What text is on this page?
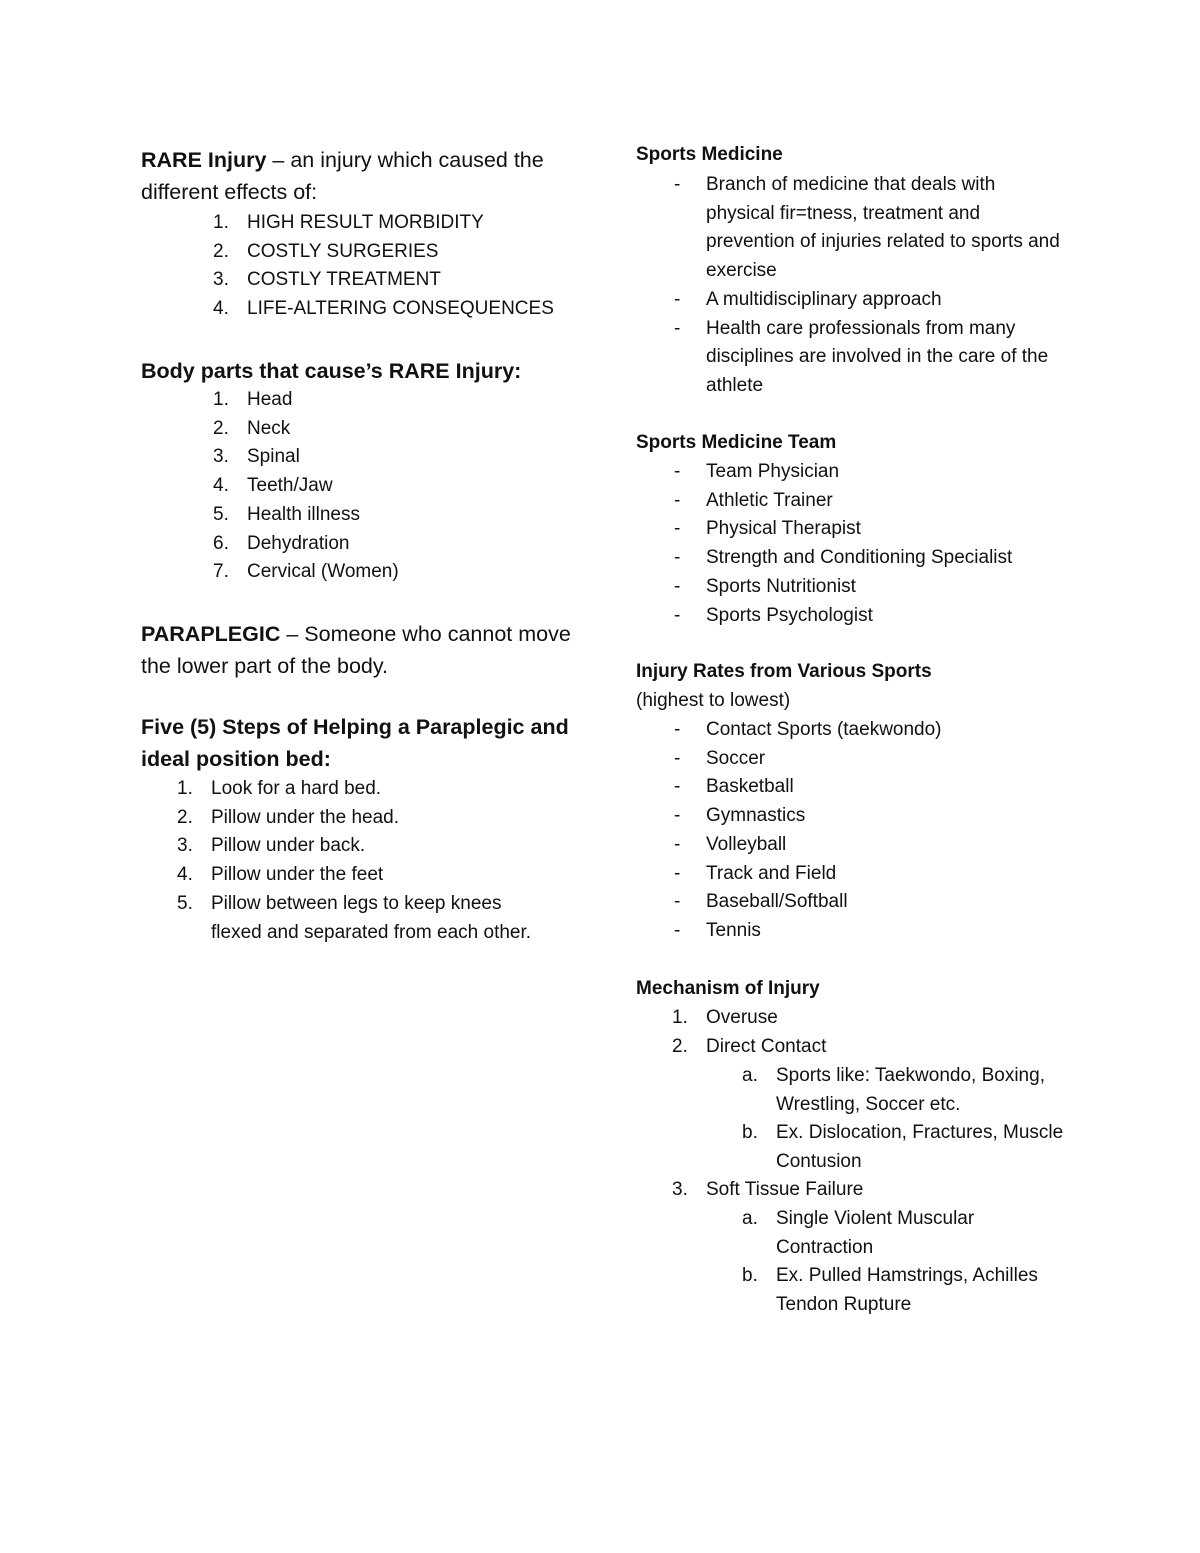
RARE Injury – an injury which caused the different effects of:
1. HIGH RESULT MORBIDITY
2. COSTLY SURGERIES
3. COSTLY TREATMENT
4. LIFE-ALTERING CONSEQUENCES
Body parts that cause’s RARE Injury:
1. Head
2. Neck
3. Spinal
4. Teeth/Jaw
5. Health illness
6. Dehydration
7. Cervical (Women)
PARAPLEGIC – Someone who cannot move the lower part of the body.
Five (5) Steps of Helping a Paraplegic and ideal position bed:
1. Look for a hard bed.
2. Pillow under the head.
3. Pillow under back.
4. Pillow under the feet
5. Pillow between legs to keep knees flexed and separated from each other.
Sports Medicine
-	Branch of medicine that deals with physical fir=tness, treatment and prevention of injuries related to sports and exercise
-	A multidisciplinary approach
-	Health care professionals from many disciplines are involved in the care of the athlete
Sports Medicine Team
-	Team Physician
-	Athletic Trainer
-	Physical Therapist
-	Strength and Conditioning Specialist
-	Sports Nutritionist
-	Sports Psychologist
Injury Rates from Various Sports
(highest to lowest)
-	Contact Sports (taekwondo)
-	Soccer
-	Basketball
-	Gymnastics
-	Volleyball
-	Track and Field
-	Baseball/Softball
-	Tennis
Mechanism of Injury
1. Overuse
2. Direct Contact
a. Sports like: Taekwondo, Boxing, Wrestling, Soccer etc.
b. Ex. Dislocation, Fractures, Muscle Contusion
3. Soft Tissue Failure
a. Single Violent Muscular Contraction
b. Ex. Pulled Hamstrings, Achilles Tendon Rupture
